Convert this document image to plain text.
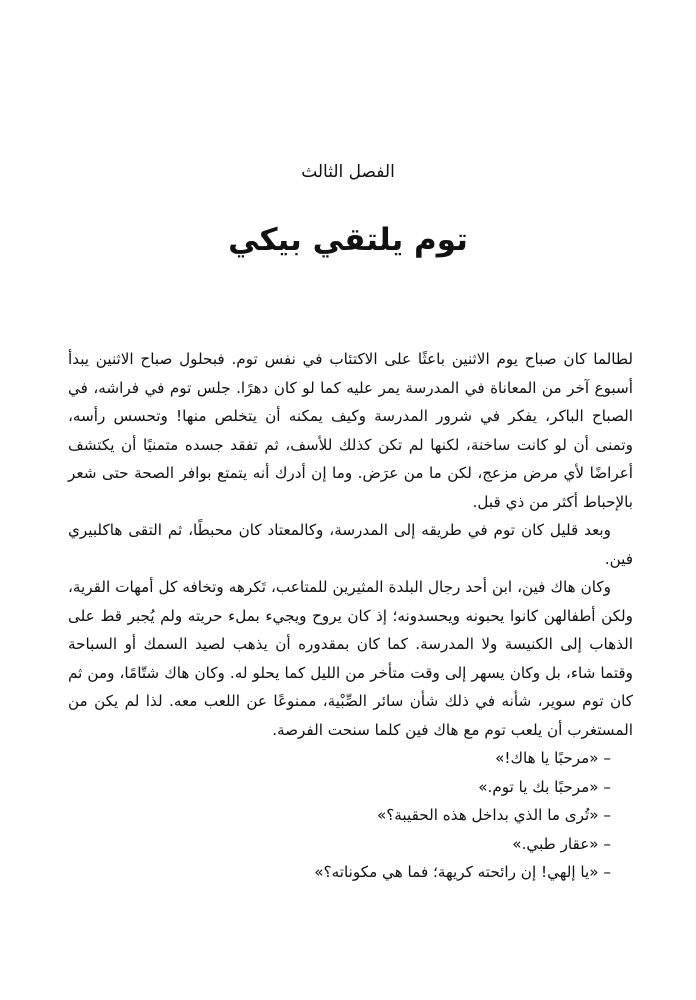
الفصل الثالث
توم يلتقي بيكي

لطالما كان صباح يوم الاثنين باعثًا على الاكتئاب في نفس توم. فبحلول صباح الاثنين يبدأ أسبوع آخر من المعاناة في المدرسة يمر عليه كما لو كان دهرًا. جلس توم في فراشه، في الصباح الباكر، يفكر في شرور المدرسة وكيف يمكنه أن يتخلص منها! وتحسس رأسه، وتمنى أن لو كانت ساخنة، لكنها لم تكن كذلك للأسف، ثم تفقد جسده متمنيًا أن يكتشف أعراضًا لأي مرض مزعج، لكن ما من عرَض. وما إن أدرك أنه يتمتع بوافر الصحة حتى شعر بالإحباط أكثر من ذي قبل.

وبعد قليل كان توم في طريقه إلى المدرسة، وكالمعتاد كان محبطًا، ثم التقى هاكلبيري فين.

وكان هاك فين، ابن أحد رجال البلدة المثيرين للمتاعب، تَكرهه وتخافه كل أمهات القرية، ولكن أطفالهن كانوا يحبونه ويحسدونه؛ إذ كان يروح ويجيء بملء حريته ولم يُجبر قط على الذهاب إلى الكنيسة ولا المدرسة. كما كان بمقدوره أن يذهب لصيد السمك أو السباحة وقتما شاء، بل وكان يسهر إلى وقت متأخر من الليل كما يحلو له. وكان هاك شتّامًا، ومن ثم كان توم سوير، شأنه في ذلك شأن سائر الصِّبْية، ممنوعًا عن اللعب معه. لذا لم يكن من المستغرب أن يلعب توم مع هاك فين كلما سنحت الفرصة.

– «مرحبًا يا هاك!»

– «مرحبًا بك يا توم.»

– «تُرى ما الذي بداخل هذه الحقيبة؟»

– «عقار طبي.»

– «يا إلهي! إن رائحته كريهة؛ فما هي مكوناته؟»
